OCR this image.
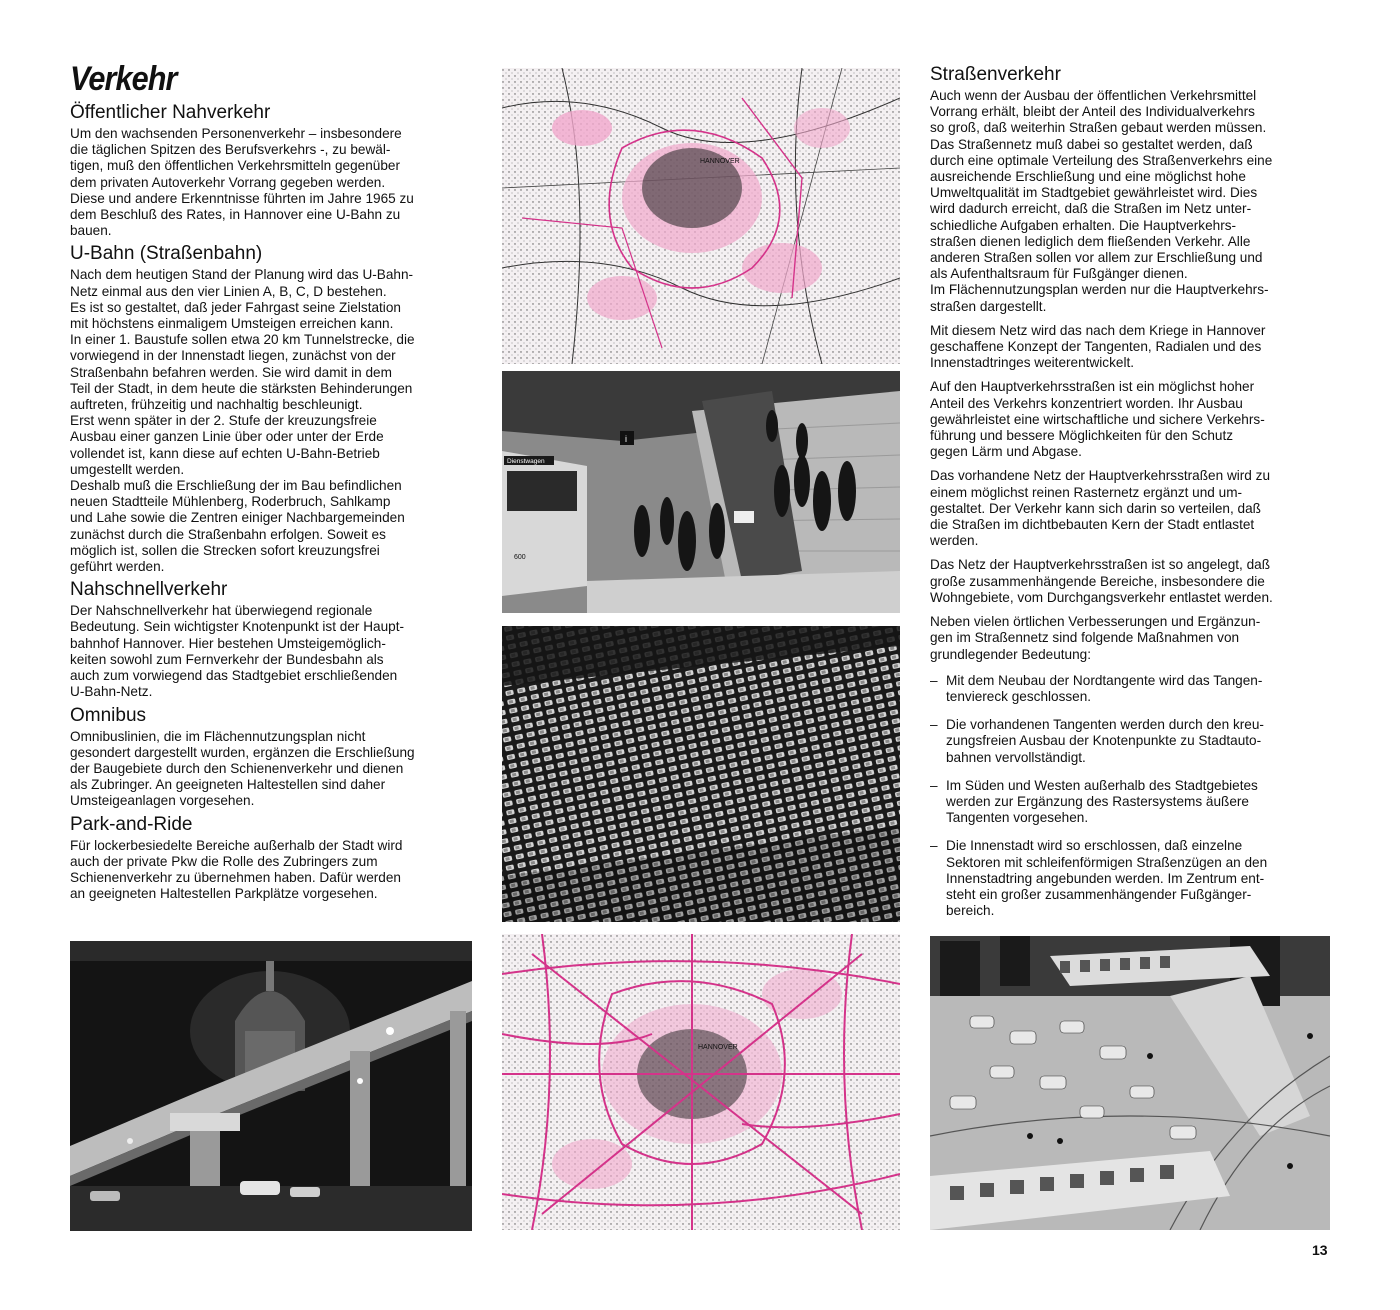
Verkehr
Öffentlicher Nahverkehr

Um den wachsenden Personenverkehr – insbesondere
die täglichen Spitzen des Berufsverkehrs -, zu bewäl-
tigen, muß den öffentlichen Verkehrsmitteln gegenüber
dem privaten Autoverkehr Vorrang gegeben werden.
Diese und andere Erkenntnisse führten im Jahre 1965 zu
dem Beschluß des Rates, in Hannover eine U-Bahn zu
bauen.

U-Bahn (Straßenbahn)

Nach dem heutigen Stand der Planung wird das U-Bahn-
Netz einmal aus den vier Linien A, B, C, D bestehen.
Es ist so gestaltet, daß jeder Fahrgast seine Zielstation
mit höchstens einmaligem Umsteigen erreichen kann.
In einer 1. Baustufe sollen etwa 20 km Tunnelstrecke, die
vorwiegend in der Innenstadt liegen, zunächst von der
Straßenbahn befahren werden. Sie wird damit in dem
Teil der Stadt, in dem heute die stärksten Behinderungen
auftreten, frühzeitig und nachhaltig beschleunigt.
Erst wenn später in der 2. Stufe der kreuzungsfreie
Ausbau einer ganzen Linie über oder unter der Erde
vollendet ist, kann diese auf echten U-Bahn-Betrieb
umgestellt werden.
Deshalb muß die Erschließung der im Bau befindlichen
neuen Stadtteile Mühlenberg, Roderbruch, Sahlkamp
und Lahe sowie die Zentren einiger Nachbargemeinden
zunächst durch die Straßenbahn erfolgen. Soweit es
möglich ist, sollen die Strecken sofort kreuzungsfrei
geführt werden.

Nahschnellverkehr

Der Nahschnellverkehr hat überwiegend regionale
Bedeutung. Sein wichtigster Knotenpunkt ist der Haupt-
bahnhof Hannover. Hier bestehen Umsteigemöglich-
keiten sowohl zum Fernverkehr der Bundesbahn als
auch zum vorwiegend das Stadtgebiet erschließenden
U-Bahn-Netz.

Omnibus

Omnibuslinien, die im Flächennutzungsplan nicht
gesondert dargestellt wurden, ergänzen die Erschließung
der Baugebiete durch den Schienenverkehr und dienen
als Zubringer. An geeigneten Haltestellen sind daher
Umsteigeanlagen vorgesehen.

Park-and-Ride

Für lockerbesiedelte Bereiche außerhalb der Stadt wird
auch der private Pkw die Rolle des Zubringers zum
Schienenverkehr zu übernehmen haben. Dafür werden
an geeigneten Haltestellen Parkplätze vorgesehen.

Straßenverkehr

Auch wenn der Ausbau der öffentlichen Verkehrsmittel
Vorrang erhält, bleibt der Anteil des Individualverkehrs
so groß, daß weiterhin Straßen gebaut werden müssen.
Das Straßennetz muß dabei so gestaltet werden, daß
durch eine optimale Verteilung des Straßenverkehrs eine
ausreichende Erschließung und eine möglichst hohe
Umweltqualität im Stadtgebiet gewährleistet wird. Dies
wird dadurch erreicht, daß die Straßen im Netz unter-
schiedliche Aufgaben erhalten. Die Hauptverkehrs-
straßen dienen lediglich dem fließenden Verkehr. Alle
anderen Straßen sollen vor allem zur Erschließung und
als Aufenthaltsraum für Fußgänger dienen.
Im Flächennutzungsplan werden nur die Hauptverkehrs-
straßen dargestellt.

Mit diesem Netz wird das nach dem Kriege in Hannover
geschaffene Konzept der Tangenten, Radialen und des
Innenstadtringes weiterentwickelt.

Auf den Hauptverkehrsstraßen ist ein möglichst hoher
Anteil des Verkehrs konzentriert worden. Ihr Ausbau
gewährleistet eine wirtschaftliche und sichere Verkehrs-
führung und bessere Möglichkeiten für den Schutz
gegen Lärm und Abgase.

Das vorhandene Netz der Hauptverkehrsstraßen wird zu
einem möglichst reinen Rasternetz ergänzt und um-
gestaltet. Der Verkehr kann sich darin so verteilen, daß
die Straßen im dichtbebauten Kern der Stadt entlastet
werden.

Das Netz der Hauptverkehrsstraßen ist so angelegt, daß
große zusammenhängende Bereiche, insbesondere die
Wohngebiete, vom Durchgangsverkehr entlastet werden.

Neben vielen örtlichen Verbesserungen und Ergänzun-
gen im Straßennetz sind folgende Maßnahmen von
grundlegender Bedeutung:

– Mit dem Neubau der Nordtangente wird das Tangen-
tenviereck geschlossen.
– Die vorhandenen Tangenten werden durch den kreu-
zungsfreien Ausbau der Knotenpunkte zu Stadtauto-
bahnen vervollständigt.
– Im Süden und Westen außerhalb des Stadtgebietes
werden zur Ergänzung des Rastersystems äußere
Tangenten vorgesehen.
– Die Innenstadt wird so erschlossen, daß einzelne
Sektoren mit schleifenförmigen Straßenzügen an den
Innenstadtring angebunden werden. Im Zentrum ent-
steht ein großer zusammenhängender Fußgänger-
bereich.
HANNOVER
Dienstwagen
600
i
HANNOVER
13
